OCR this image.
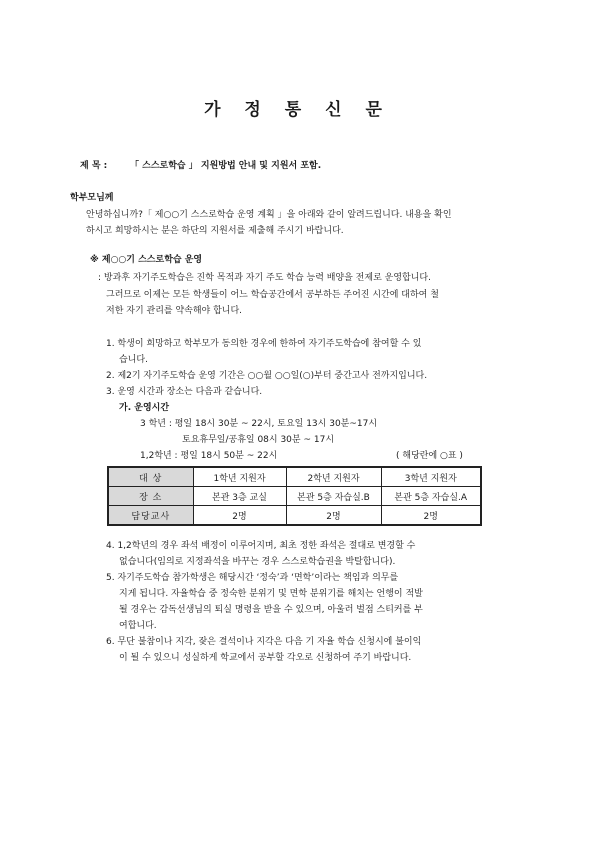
가 정 통 신 문
제 목 :	「 스스로학습 」 지원방법 안내 및 지원서 포함.
학부모님께
안녕하십니까?「 제○○기 스스로학습 운영 계획 」을 아래와 같이 알려드립니다. 내용을 확인
하시고 희망하시는 분은 하단의 지원서를 제출해 주시기 바랍니다.
※ 제○○기 스스로학습 운영
: 방과후 자기주도학습은 진학 목적과 자기 주도 학습 능력 배양을 전제로 운영합니다.
그러므로 이제는 모든 학생들이 어느 학습공간에서 공부하든 주어진 시간에 대하여 철
저한 자기 관리를 약속해야 합니다.
1. 학생이 희망하고 학부모가 동의한 경우에 한하여 자기주도학습에 참여할 수 있
습니다.
2. 제2기 자기주도학습 운영 기간은 ○○월 ○○일(○)부터 중간고사 전까지입니다.
3. 운영 시간과 장소는 다음과 같습니다.
가. 운영시간
3 학년 : 평일 18시 30분 ~ 22시, 토요일 13시 30분~17시
토요휴무일/공휴일 08시 30분 ~ 17시
1,2학년 : 평일 18시 50분 ~ 22시	( 해당란에 ○표 )
대 상	1학년 지원자	2학년 지원자	3학년 지원자
장 소	본관 3층 교실	본관 5층 자습실.B	본관 5층 자습실.A
담당교사	2명	2명	2명
4. 1,2학년의 경우 좌석 배정이 이루어지며, 최초 정한 좌석은 절대로 변경할 수
없습니다(임의로 지정좌석을 바꾸는 경우 스스로학습권을 박탈합니다).
5. 자기주도학습 참가학생은 해당시간 ‘정숙’과 ‘면학’이라는 책임과 의무를
지게 됩니다. 자율학습 중 정숙한 분위기 및 면학 분위기를 해치는 언행이 적발
될 경우는 감독선생님의 퇴실 명령을 받을 수 있으며, 아울러 벌점 스티커를 부
여합니다.
6. 무단 불참이나 지각, 잦은 결석이나 지각은 다음 기 자율 학습 신청시에 불이익
이 될 수 있으니 성실하게 학교에서 공부할 각오로 신청하여 주기 바랍니다.
